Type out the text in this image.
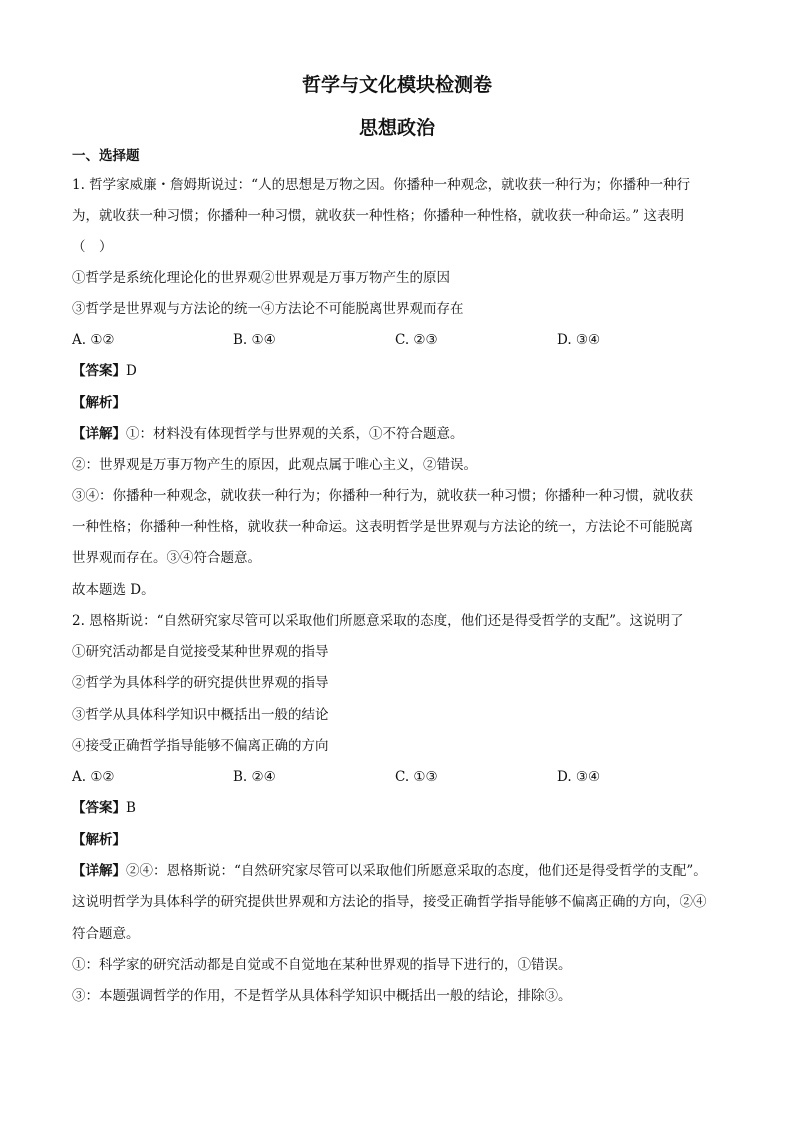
哲学与文化模块检测卷
思想政治
一、选择题
1. 哲学家威廉・詹姆斯说过：“人的思想是万物之因。你播种一种观念，就收获一种行为；你播种一种行
为，就收获一种习惯；你播种一种习惯，就收获一种性格；你播种一种性格，就收获一种命运。” 这表明
（　）
①哲学是系统化理论化的世界观②世界观是万事万物产生的原因
③哲学是世界观与方法论的统一④方法论不可能脱离世界观而存在
A. ①②	B. ①④	C. ②③	D. ③④
【答案】D
【解析】
【详解】①：材料没有体现哲学与世界观的关系，①不符合题意。
②：世界观是万事万物产生的原因，此观点属于唯心主义，②错误。
③④：你播种一种观念，就收获一种行为；你播种一种行为，就收获一种习惯；你播种一种习惯，就收获
一种性格；你播种一种性格，就收获一种命运。这表明哲学是世界观与方法论的统一，方法论不可能脱离
世界观而存在。③④符合题意。
故本题选 D。
2. 恩格斯说：“自然研究家尽管可以采取他们所愿意采取的态度，他们还是得受哲学的支配”。这说明了
①研究活动都是自觉接受某种世界观的指导
②哲学为具体科学的研究提供世界观的指导
③哲学从具体科学知识中概括出一般的结论
④接受正确哲学指导能够不偏离正确的方向
A. ①②	B. ②④	C. ①③	D. ③④
【答案】B
【解析】
【详解】②④：恩格斯说：“自然研究家尽管可以采取他们所愿意采取的态度，他们还是得受哲学的支配”。
这说明哲学为具体科学的研究提供世界观和方法论的指导，接受正确哲学指导能够不偏离正确的方向，②④
符合题意。
①：科学家的研究活动都是自觉或不自觉地在某种世界观的指导下进行的，①错误。
③：本题强调哲学的作用，不是哲学从具体科学知识中概括出一般的结论，排除③。
